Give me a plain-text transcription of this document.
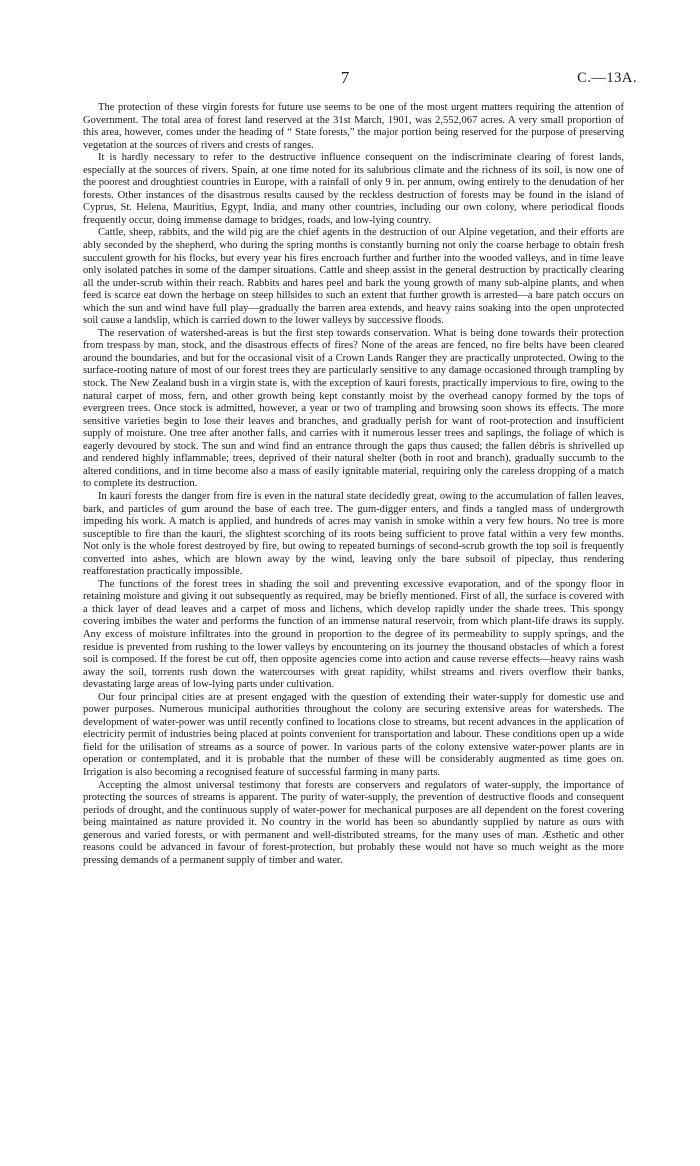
7	C.—13A.

The protection of these virgin forests for future use seems to be one of the most urgent matters requiring the attention of Government. The total area of forest land reserved at the 31st March, 1901, was 2,552,067 acres. A very small proportion of this area, however, comes under the heading of “ State forests,” the major portion being reserved for the purpose of preserving vegetation at the sources of rivers and crests of ranges.

It is hardly necessary to refer to the destructive influence consequent on the indiscriminate clearing of forest lands, especially at the sources of rivers. Spain, at one time noted for its salubrious climate and the richness of its soil, is now one of the poorest and droughtiest countries in Europe, with a rainfall of only 9 in. per annum, owing entirely to the denudation of her forests. Other instances of the disastrous results caused by the reckless destruction of forests may be found in the island of Cyprus, St. Helena, Mauritius, Egypt, India, and many other countries, including our own colony, where periodical floods frequently occur, doing immense damage to bridges, roads, and low-lying country.

Cattle, sheep, rabbits, and the wild pig are the chief agents in the destruction of our Alpine vegetation, and their efforts are ably seconded by the shepherd, who during the spring months is constantly burning not only the coarse herbage to obtain fresh succulent growth for his flocks, but every year his fires encroach further and further into the wooded valleys, and in time leave only isolated patches in some of the damper situations. Cattle and sheep assist in the general destruction by practically clearing all the under-scrub within their reach. Rabbits and hares peel and bark the young growth of many sub-alpine plants, and when feed is scarce eat down the herbage on steep hillsides to such an extent that further growth is arrested—a bare patch occurs on which the sun and wind have full play—gradually the barren area extends, and heavy rains soaking into the open unprotected soil cause a landslip, which is carried down to the lower valleys by successive floods.

The reservation of watershed-areas is but the first step towards conservation. What is being done towards their protection from trespass by man, stock, and the disastrous effects of fires? None of the areas are fenced, no fire belts have been cleared around the boundaries, and but for the occasional visit of a Crown Lands Ranger they are practically unprotected. Owing to the surface-rooting nature of most of our forest trees they are particularly sensitive to any damage occasioned through trampling by stock. The New Zealand bush in a virgin state is, with the exception of kauri forests, practically impervious to fire, owing to the natural carpet of moss, fern, and other growth being kept constantly moist by the overhead canopy formed by the tops of evergreen trees. Once stock is admitted, however, a year or two of trampling and browsing soon shows its effects. The more sensitive varieties begin to lose their leaves and branches, and gradually perish for want of root-protection and insufficient supply of moisture. One tree after another falls, and carries with it numerous lesser trees and saplings, the foliage of which is eagerly devoured by stock. The sun and wind find an entrance through the gaps thus caused; the fallen débris is shrivelled up and rendered highly inflammable; trees, deprived of their natural shelter (both in root and branch), gradually succumb to the altered conditions, and in time become also a mass of easily ignitable material, requiring only the careless dropping of a match to complete its destruction.

In kauri forests the danger from fire is even in the natural state decidedly great, owing to the accumulation of fallen leaves, bark, and particles of gum around the base of each tree. The gum-digger enters, and finds a tangled mass of undergrowth impeding his work. A match is applied, and hundreds of acres may vanish in smoke within a very few hours. No tree is more susceptible to fire than the kauri, the slightest scorching of its roots being sufficient to prove fatal within a very few months. Not only is the whole forest destroyed by fire, but owing to repeated burnings of second-scrub growth the top soil is frequently converted into ashes, which are blown away by the wind, leaving only the bare subsoil of pipeclay, thus rendering reafforestation practically impossible.

The functions of the forest trees in shading the soil and preventing excessive evaporation, and of the spongy floor in retaining moisture and giving it out subsequently as required, may be briefly mentioned. First of all, the surface is covered with a thick layer of dead leaves and a carpet of moss and lichens, which develop rapidly under the shade trees. This spongy covering imbibes the water and performs the function of an immense natural reservoir, from which plant-life draws its supply. Any excess of moisture infiltrates into the ground in proportion to the degree of its permeability to supply springs, and the residue is prevented from rushing to the lower valleys by encountering on its journey the thousand obstacles of which a forest soil is composed. If the forest be cut off, then opposite agencies come into action and cause reverse effects—heavy rains wash away the soil, torrents rush down the watercourses with great rapidity, whilst streams and rivers overflow their banks, devastating large areas of low-lying parts under cultivation.

Our four principal cities are at present engaged with the question of extending their water-supply for domestic use and power purposes. Numerous municipal authorities throughout the colony are securing extensive areas for watersheds. The development of water-power was until recently confined to locations close to streams, but recent advances in the application of electricity permit of industries being placed at points convenient for transportation and labour. These conditions open up a wide field for the utilisation of streams as a source of power. In various parts of the colony extensive water-power plants are in operation or contemplated, and it is probable that the number of these will be considerably augmented as time goes on. Irrigation is also becoming a recognised feature of successful farming in many parts.

Accepting the almost universal testimony that forests are conservers and regulators of water-supply, the importance of protecting the sources of streams is apparent. The purity of water-supply, the prevention of destructive floods and consequent periods of drought, and the continuous supply of water-power for mechanical purposes are all dependent on the forest covering being maintained as nature provided it. No country in the world has been so abundantly supplied by nature as ours with generous and varied forests, or with permanent and well-distributed streams, for the many uses of man. Æsthetic and other reasons could be advanced in favour of forest-protection, but probably these would not have so much weight as the more pressing demands of a permanent supply of timber and water.
